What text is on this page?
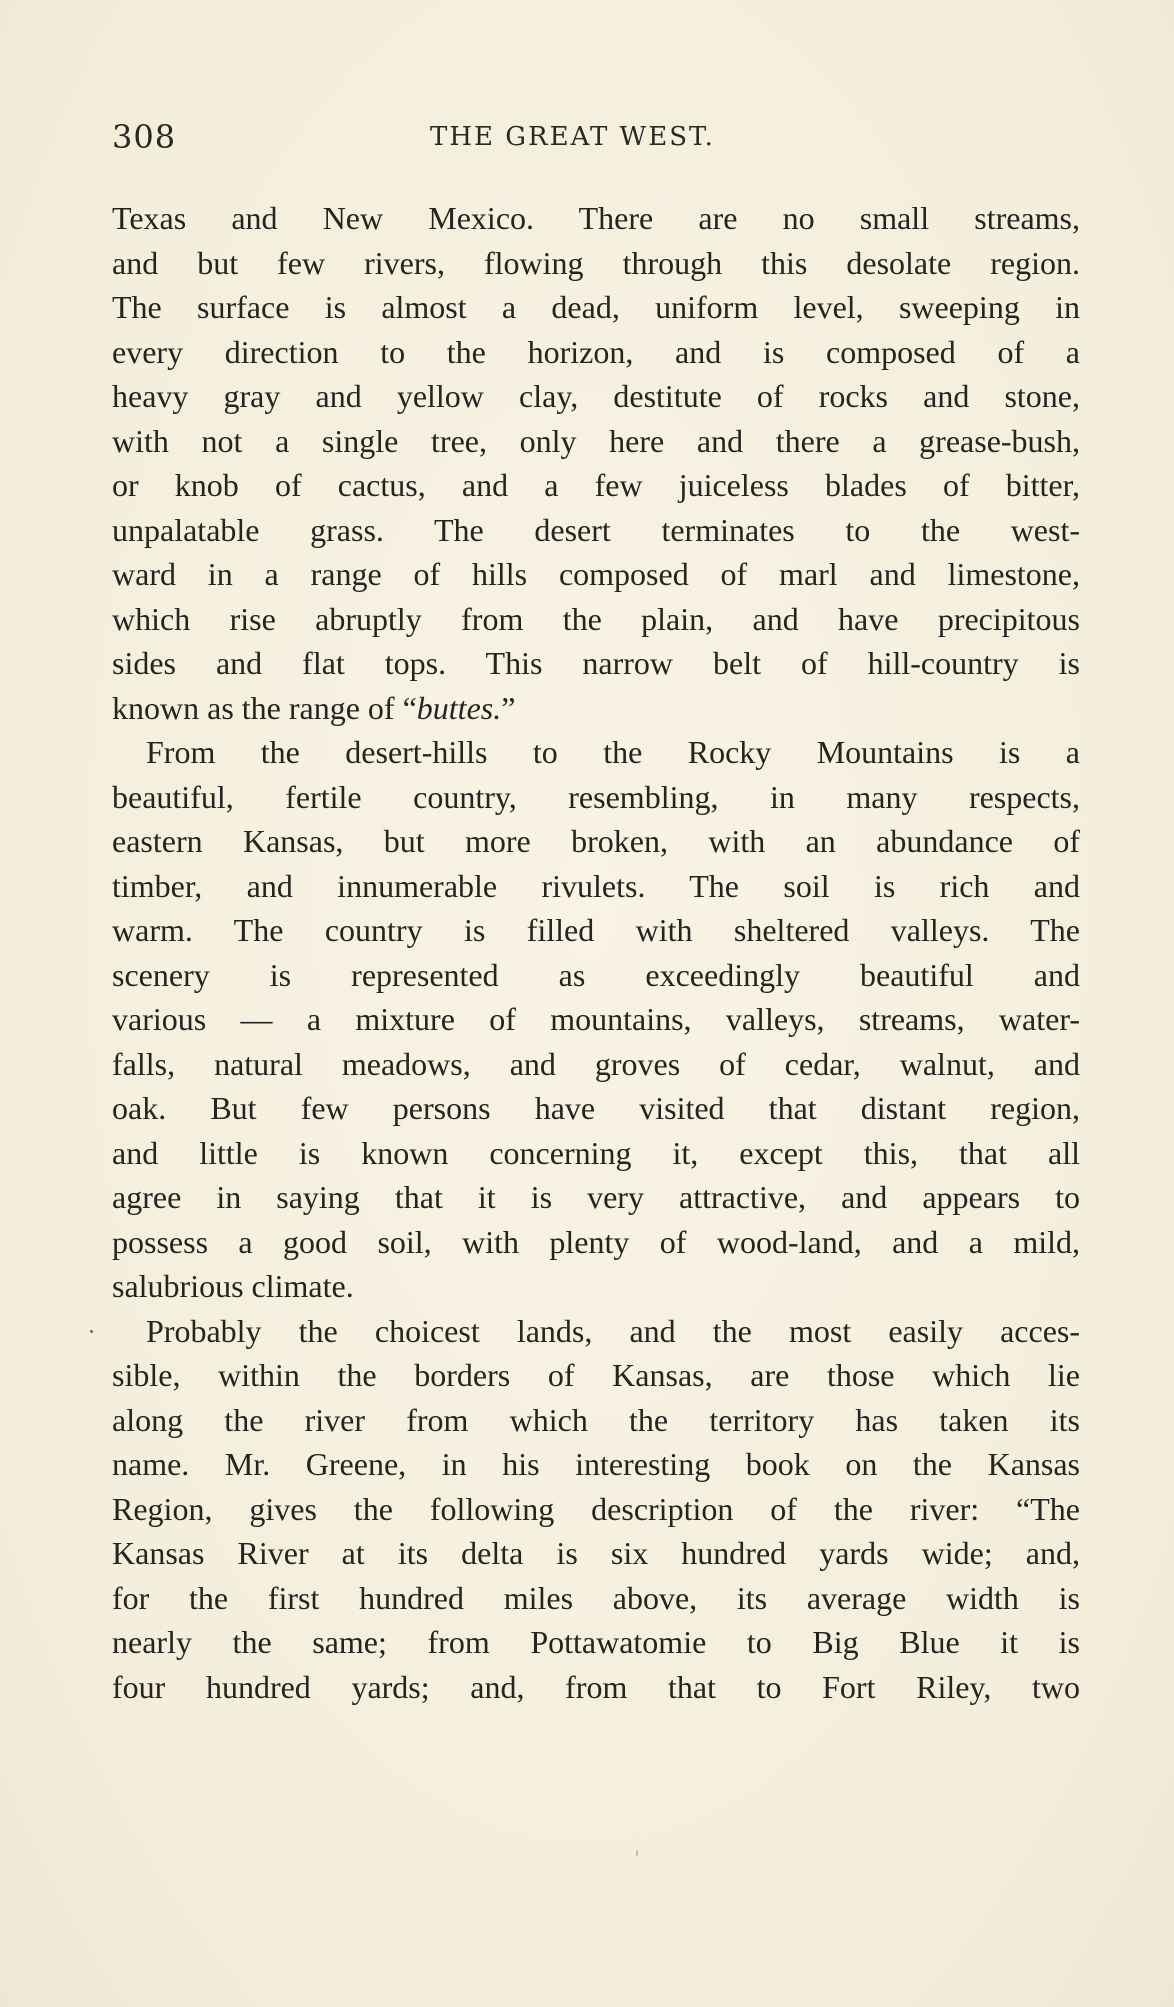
308	THE GREAT WEST.
Texas and New Mexico. There are no small streams,
and but few rivers, flowing through this desolate region.
The surface is almost a dead, uniform level, sweeping in
every direction to the horizon, and is composed of a
heavy gray and yellow clay, destitute of rocks and stone,
with not a single tree, only here and there a grease-bush,
or knob of cactus, and a few juiceless blades of bitter,
unpalatable grass. The desert terminates to the west-
ward in a range of hills composed of marl and limestone,
which rise abruptly from the plain, and have precipitous
sides and flat tops. This narrow belt of hill-country is
known as the range of “buttes.”
From the desert-hills to the Rocky Mountains is a
beautiful, fertile country, resembling, in many respects,
eastern Kansas, but more broken, with an abundance of
timber, and innumerable rivulets. The soil is rich and
warm. The country is filled with sheltered valleys. The
scenery is represented as exceedingly beautiful and
various — a mixture of mountains, valleys, streams, water-
falls, natural meadows, and groves of cedar, walnut, and
oak. But few persons have visited that distant region,
and little is known concerning it, except this, that all
agree in saying that it is very attractive, and appears to
possess a good soil, with plenty of wood-land, and a mild,
salubrious climate.
Probably the choicest lands, and the most easily acces-
sible, within the borders of Kansas, are those which lie
along the river from which the territory has taken its
name. Mr. Greene, in his interesting book on the Kansas
Region, gives the following description of the river: “The
Kansas River at its delta is six hundred yards wide; and,
for the first hundred miles above, its average width is
nearly the same; from Pottawatomie to Big Blue it is
four hundred yards; and, from that to Fort Riley, two
